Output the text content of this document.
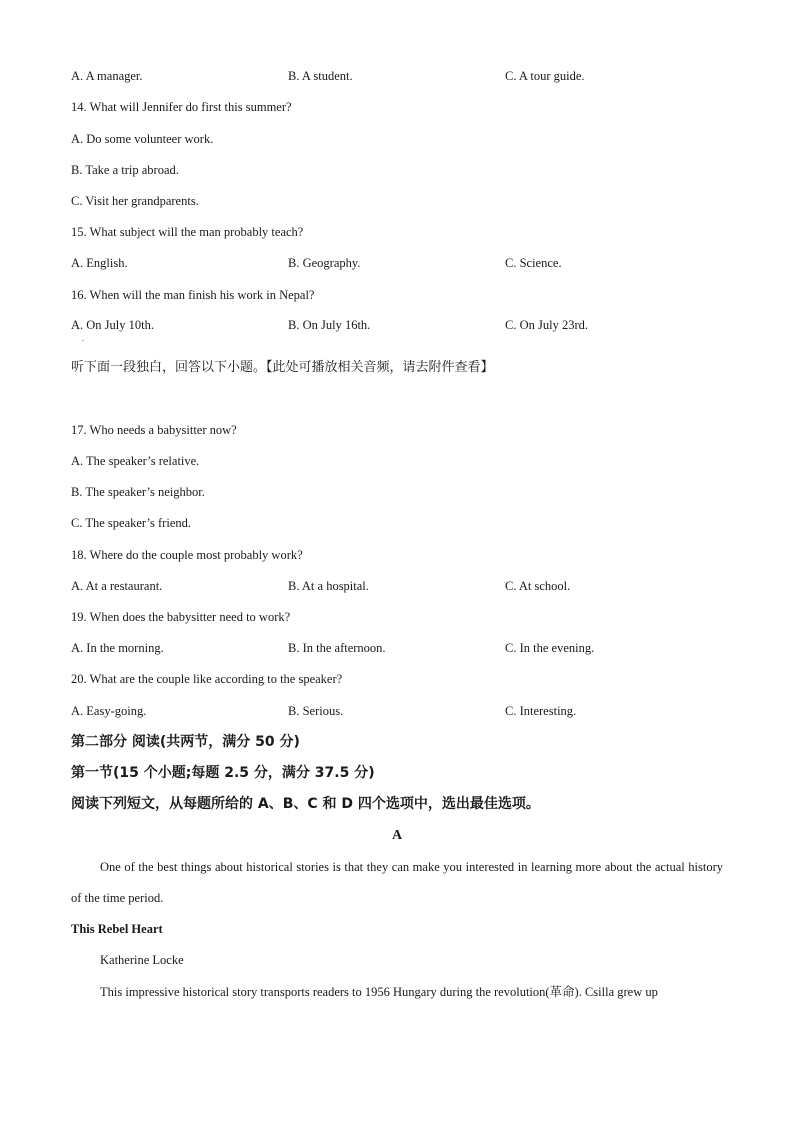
A. A manager.	B. A student.	C. A tour guide.
14. What will Jennifer do first this summer?
A. Do some volunteer work.
B. Take a trip abroad.
C. Visit her grandparents.
15. What subject will the man probably teach?
A. English.	B. Geography.	C. Science.
16. When will the man finish his work in Nepal?
A. On July 10th.
.
B. On July 16th.	C. On July 23rd.
听下面一段独白，回答以下小题。【此处可播放相关音频，请去附件查看】
17. Who needs a babysitter now?
A. The speaker’s relative.
B. The speaker’s neighbor.
C. The speaker’s friend.
18. Where do the couple most probably work?
A. At a restaurant.	B. At a hospital.	C. At school.
19. When does the babysitter need to work?
A. In the morning.	B. In the afternoon.	C. In the evening.
20. What are the couple like according to the speaker?
A. Easy-going.	B. Serious.	C. Interesting.
第二部分 阅读(共两节，满分 50 分)
第一节(15 个小题;每题 2.5 分，满分 37.5 分)
阅读下列短文，从每题所给的 A、B、C 和 D 四个选项中，选出最佳选项。
A
One of the best things about historical stories is that they can make you interested in learning more about the actual history of the time period.
This Rebel Heart
Katherine Locke
This impressive historical story transports readers to 1956 Hungary during the revolution(革命). Csilla grew up
